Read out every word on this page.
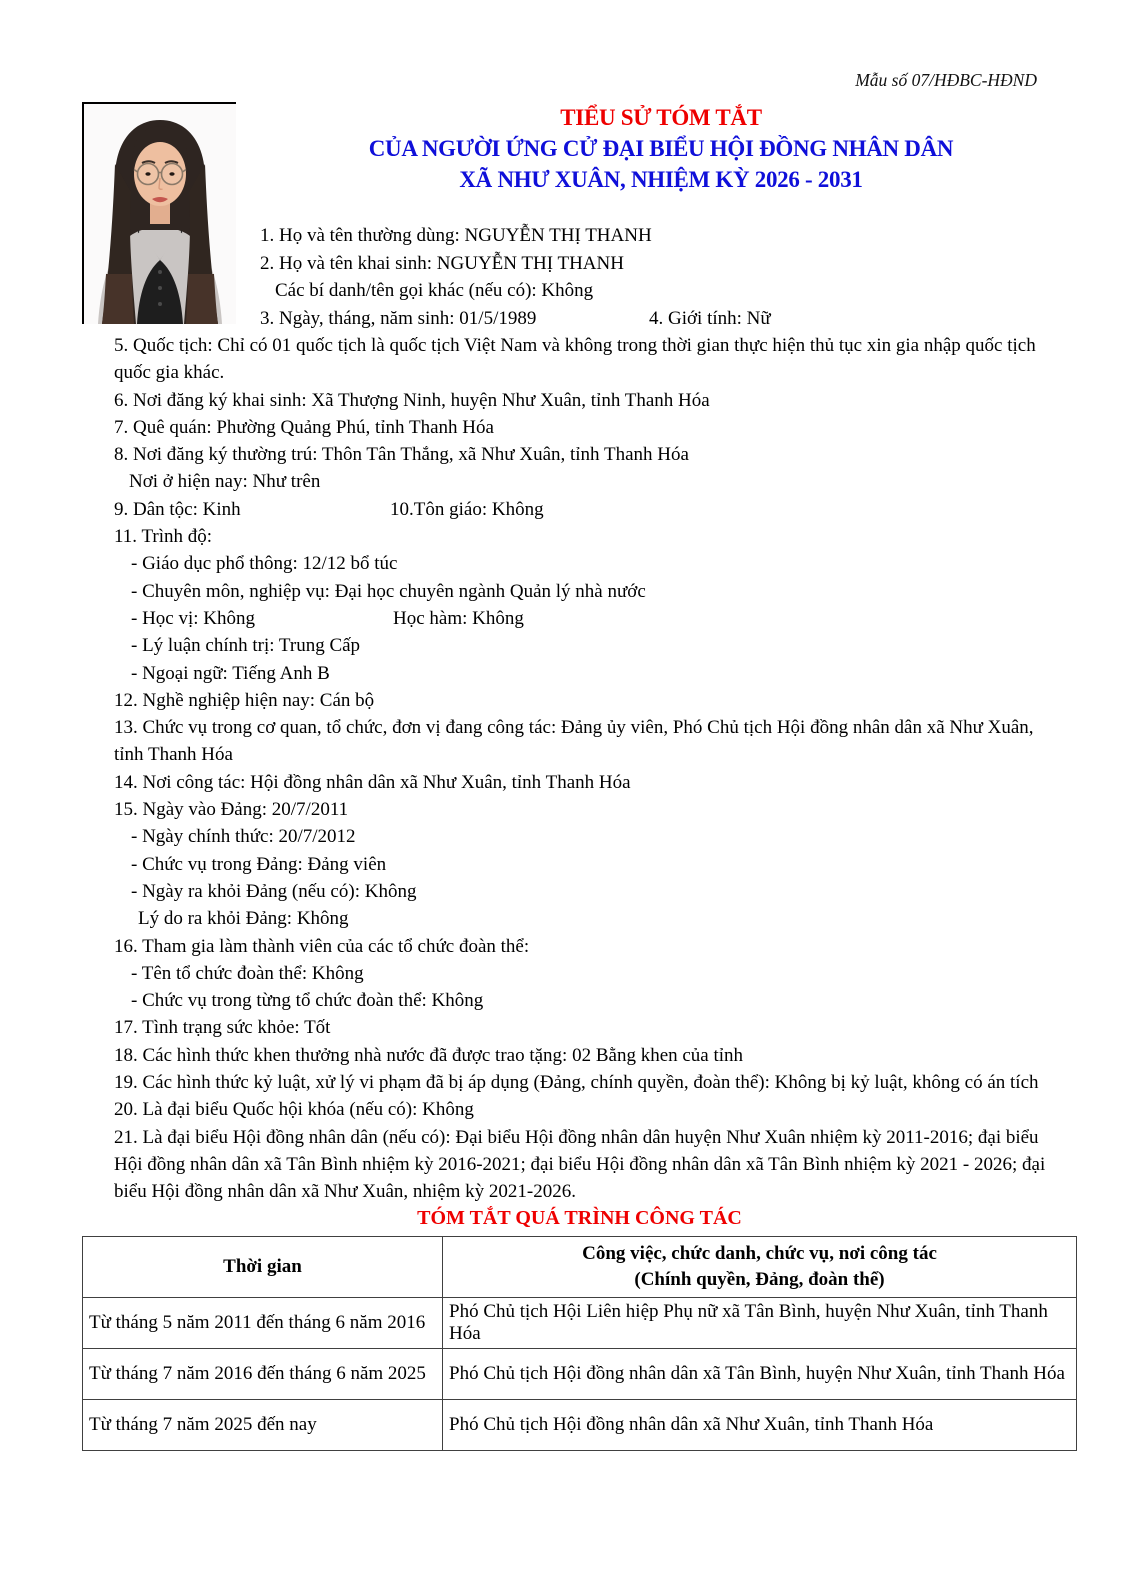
Mẫu số 07/HĐBC-HĐND
TIỂU SỬ TÓM TẮT
CỦA NGƯỜI ỨNG CỬ ĐẠI BIỂU HỘI ĐỒNG NHÂN DÂN
XÃ NHƯ XUÂN, NHIỆM KỲ 2026 - 2031

1. Họ và tên thường dùng: NGUYỄN THỊ THANH

2. Họ và tên khai sinh: NGUYỄN THỊ THANH

Các bí danh/tên gọi khác (nếu có): Không

3. Ngày, tháng, năm sinh: 01/5/1989	4. Giới tính: Nữ

5. Quốc tịch: Chỉ có 01 quốc tịch là quốc tịch Việt Nam và không trong thời gian thực hiện thủ tục xin gia nhập quốc tịch quốc gia khác.

6. Nơi đăng ký khai sinh: Xã Thượng Ninh, huyện Như Xuân, tỉnh Thanh Hóa

7. Quê quán: Phường Quảng Phú, tỉnh Thanh Hóa

8. Nơi đăng ký thường trú: Thôn Tân Thắng, xã Như Xuân, tỉnh Thanh Hóa

Nơi ở hiện nay: Như trên

9. Dân tộc: Kinh	10.Tôn giáo: Không

11. Trình độ:

- Giáo dục phổ thông: 12/12 bổ túc

- Chuyên môn, nghiệp vụ: Đại học chuyên ngành Quản lý nhà nước

- Học vị: Không	Học hàm: Không

- Lý luận chính trị: Trung Cấp

- Ngoại ngữ: Tiếng Anh B

12. Nghề nghiệp hiện nay: Cán bộ

13. Chức vụ trong cơ quan, tổ chức, đơn vị đang công tác: Đảng ủy viên, Phó Chủ tịch Hội đồng nhân dân xã Như Xuân, tỉnh Thanh Hóa

14. Nơi công tác: Hội đồng nhân dân xã Như Xuân, tỉnh Thanh Hóa

15. Ngày vào Đảng: 20/7/2011

- Ngày chính thức: 20/7/2012

- Chức vụ trong Đảng: Đảng viên

- Ngày ra khỏi Đảng (nếu có): Không

Lý do ra khỏi Đảng: Không

16. Tham gia làm thành viên của các tổ chức đoàn thể:

- Tên tổ chức đoàn thể: Không

- Chức vụ trong từng tổ chức đoàn thể: Không

17. Tình trạng sức khỏe: Tốt

18. Các hình thức khen thưởng nhà nước đã được trao tặng: 02 Bằng khen của tỉnh

19. Các hình thức kỷ luật, xử lý vi phạm đã bị áp dụng (Đảng, chính quyền, đoàn thể): Không bị kỷ luật, không có án tích

20. Là đại biểu Quốc hội khóa (nếu có): Không

21. Là đại biểu Hội đồng nhân dân (nếu có): Đại biểu Hội đồng nhân dân huyện Như Xuân nhiệm kỳ 2011-2016; đại biểu Hội đồng nhân dân xã Tân Bình nhiệm kỳ 2016-2021; đại biểu Hội đồng nhân dân xã Tân Bình nhiệm kỳ 2021 - 2026; đại biểu Hội đồng nhân dân xã Như Xuân, nhiệm kỳ 2021-2026.

TÓM TẮT QUÁ TRÌNH CÔNG TÁC
Thời gian	Công việc, chức danh, chức vụ, nơi công tác
(Chính quyền, Đảng, đoàn thể)

Từ tháng 5 năm 2011 đến tháng 6 năm 2016	Phó Chủ tịch Hội Liên hiệp Phụ nữ xã Tân Bình, huyện Như Xuân, tỉnh Thanh Hóa
Từ tháng 7 năm 2016 đến tháng 6 năm 2025	Phó Chủ tịch Hội đồng nhân dân xã Tân Bình, huyện Như Xuân, tỉnh Thanh Hóa
Từ tháng 7 năm 2025 đến nay	Phó Chủ tịch Hội đồng nhân dân xã Như Xuân, tỉnh Thanh Hóa
